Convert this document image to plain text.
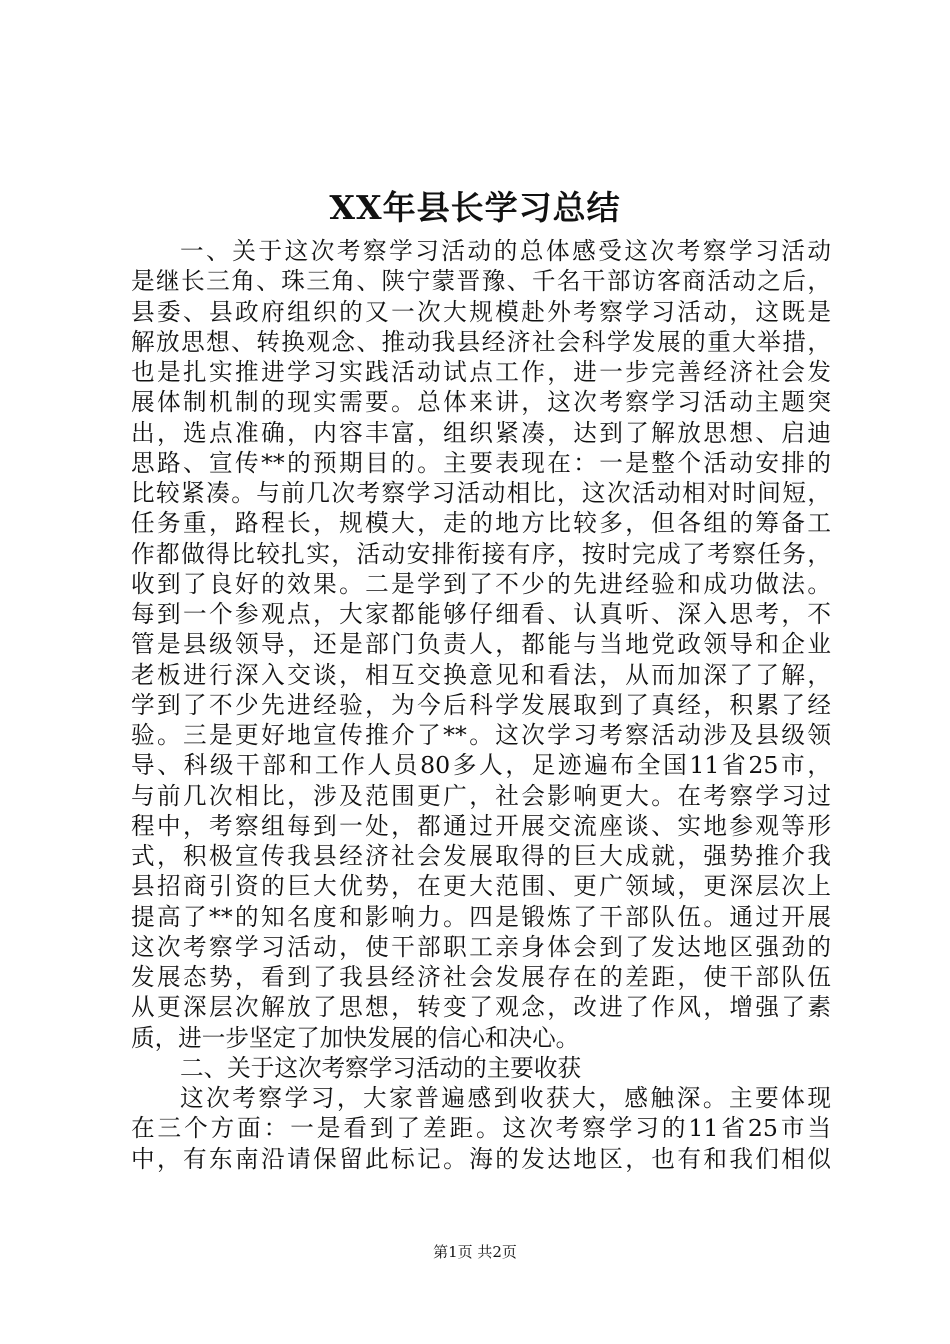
XX年县长学习总结
一、关于这次考察学习活动的总体感受这次考察学习活动
是继长三角、珠三角、陕宁蒙晋豫、千名干部访客商活动之后，
县委、县政府组织的又一次大规模赴外考察学习活动，这既是
解放思想、转换观念、推动我县经济社会科学发展的重大举措，
也是扎实推进学习实践活动试点工作，进一步完善经济社会发
展体制机制的现实需要。总体来讲，这次考察学习活动主题突
出，选点准确，内容丰富，组织紧凑，达到了解放思想、启迪
思路、宣传**的预期目的。主要表现在：一是整个活动安排的
比较紧凑。与前几次考察学习活动相比，这次活动相对时间短，
任务重，路程长，规模大，走的地方比较多，但各组的筹备工
作都做得比较扎实，活动安排衔接有序，按时完成了考察任务，
收到了良好的效果。二是学到了不少的先进经验和成功做法。
每到一个参观点，大家都能够仔细看、认真听、深入思考，不
管是县级领导，还是部门负责人，都能与当地党政领导和企业
老板进行深入交谈，相互交换意见和看法，从而加深了了解，
学到了不少先进经验，为今后科学发展取到了真经，积累了经
验。三是更好地宣传推介了**。这次学习考察活动涉及县级领
导、科级干部和工作人员80多人，足迹遍布全国11省25市，
与前几次相比，涉及范围更广，社会影响更大。在考察学习过
程中，考察组每到一处，都通过开展交流座谈、实地参观等形
式，积极宣传我县经济社会发展取得的巨大成就，强势推介我
县招商引资的巨大优势，在更大范围、更广领域，更深层次上
提高了**的知名度和影响力。四是锻炼了干部队伍。通过开展
这次考察学习活动，使干部职工亲身体会到了发达地区强劲的
发展态势，看到了我县经济社会发展存在的差距，使干部队伍
从更深层次解放了思想，转变了观念，改进了作风，增强了素
质，进一步坚定了加快发展的信心和决心。
二、关于这次考察学习活动的主要收获
这次考察学习，大家普遍感到收获大，感触深。主要体现
在三个方面：一是看到了差距。这次考察学习的11省25市当
中，有东南沿请保留此标记。海的发达地区，也有和我们相似
第1页 共2页
